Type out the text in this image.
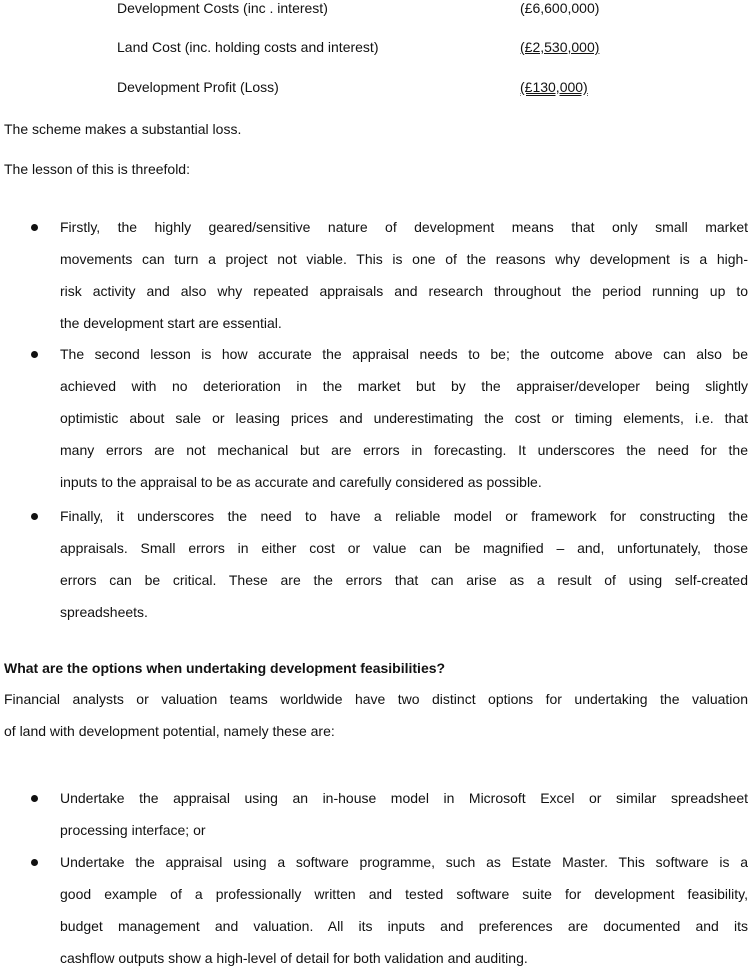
Development Costs (inc . interest)	(£6,600,000)
Land Cost (inc. holding costs and interest)	(£2,530,000)
Development Profit (Loss)	(£130,000)
The scheme makes a substantial loss.
The lesson of this is threefold:
Firstly, the highly geared/sensitive nature of development means that only small market
movements can turn a project not viable. This is one of the reasons why development is a high-
risk activity and also why repeated appraisals and research throughout the period running up to
the development start are essential.
The second lesson is how accurate the appraisal needs to be; the outcome above can also be
achieved with no deterioration in the market but by the appraiser/developer being slightly
optimistic about sale or leasing prices and underestimating the cost or timing elements, i.e. that
many errors are not mechanical but are errors in forecasting. It underscores the need for the
inputs to the appraisal to be as accurate and carefully considered as possible.
Finally, it underscores the need to have a reliable model or framework for constructing the
appraisals. Small errors in either cost or value can be magnified – and, unfortunately, those
errors can be critical. These are the errors that can arise as a result of using self-created
spreadsheets.
What are the options when undertaking development feasibilities?
Financial analysts or valuation teams worldwide have two distinct options for undertaking the valuation
of land with development potential, namely these are:
Undertake the appraisal using an in-house model in Microsoft Excel or similar spreadsheet
processing interface; or
Undertake the appraisal using a software programme, such as Estate Master. This software is a
good example of a professionally written and tested software suite for development feasibility,
budget management and valuation. All its inputs and preferences are documented and its
cashflow outputs show a high-level of detail for both validation and auditing.
